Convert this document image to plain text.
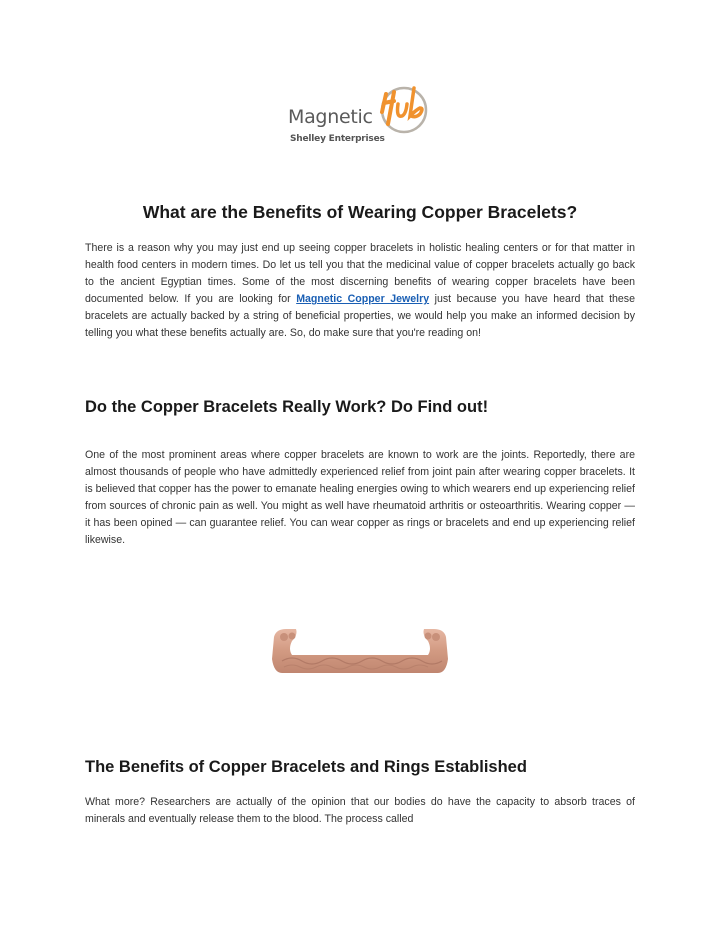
Magnetic
Shelley Enterprises
What are the Benefits of Wearing Copper Bracelets?

There is a reason why you may just end up seeing copper bracelets in holistic healing centers or for that matter in health food centers in modern times. Do let us tell you that the medicinal value of copper bracelets actually go back to the ancient Egyptian times. Some of the most discerning benefits of wearing copper bracelets have been documented below. If you are looking for Magnetic Copper Jewelry just because you have heard that these bracelets are actually backed by a string of beneficial properties, we would help you make an informed decision by telling you what these benefits actually are. So, do make sure that you're reading on!

Do the Copper Bracelets Really Work? Do Find out!

One of the most prominent areas where copper bracelets are known to work are the joints. Reportedly, there are almost thousands of people who have admittedly experienced relief from joint pain after wearing copper bracelets. It is believed that copper has the power to emanate healing energies owing to which wearers end up experiencing relief from sources of chronic pain as well. You might as well have rheumatoid arthritis or osteoarthritis. Wearing copper — it has been opined — can guarantee relief. You can wear copper as rings or bracelets and end up experiencing relief likewise.

The Benefits of Copper Bracelets and Rings Established

What more? Researchers are actually of the opinion that our bodies do have the capacity to absorb traces of minerals and eventually release them to the blood. The process called
